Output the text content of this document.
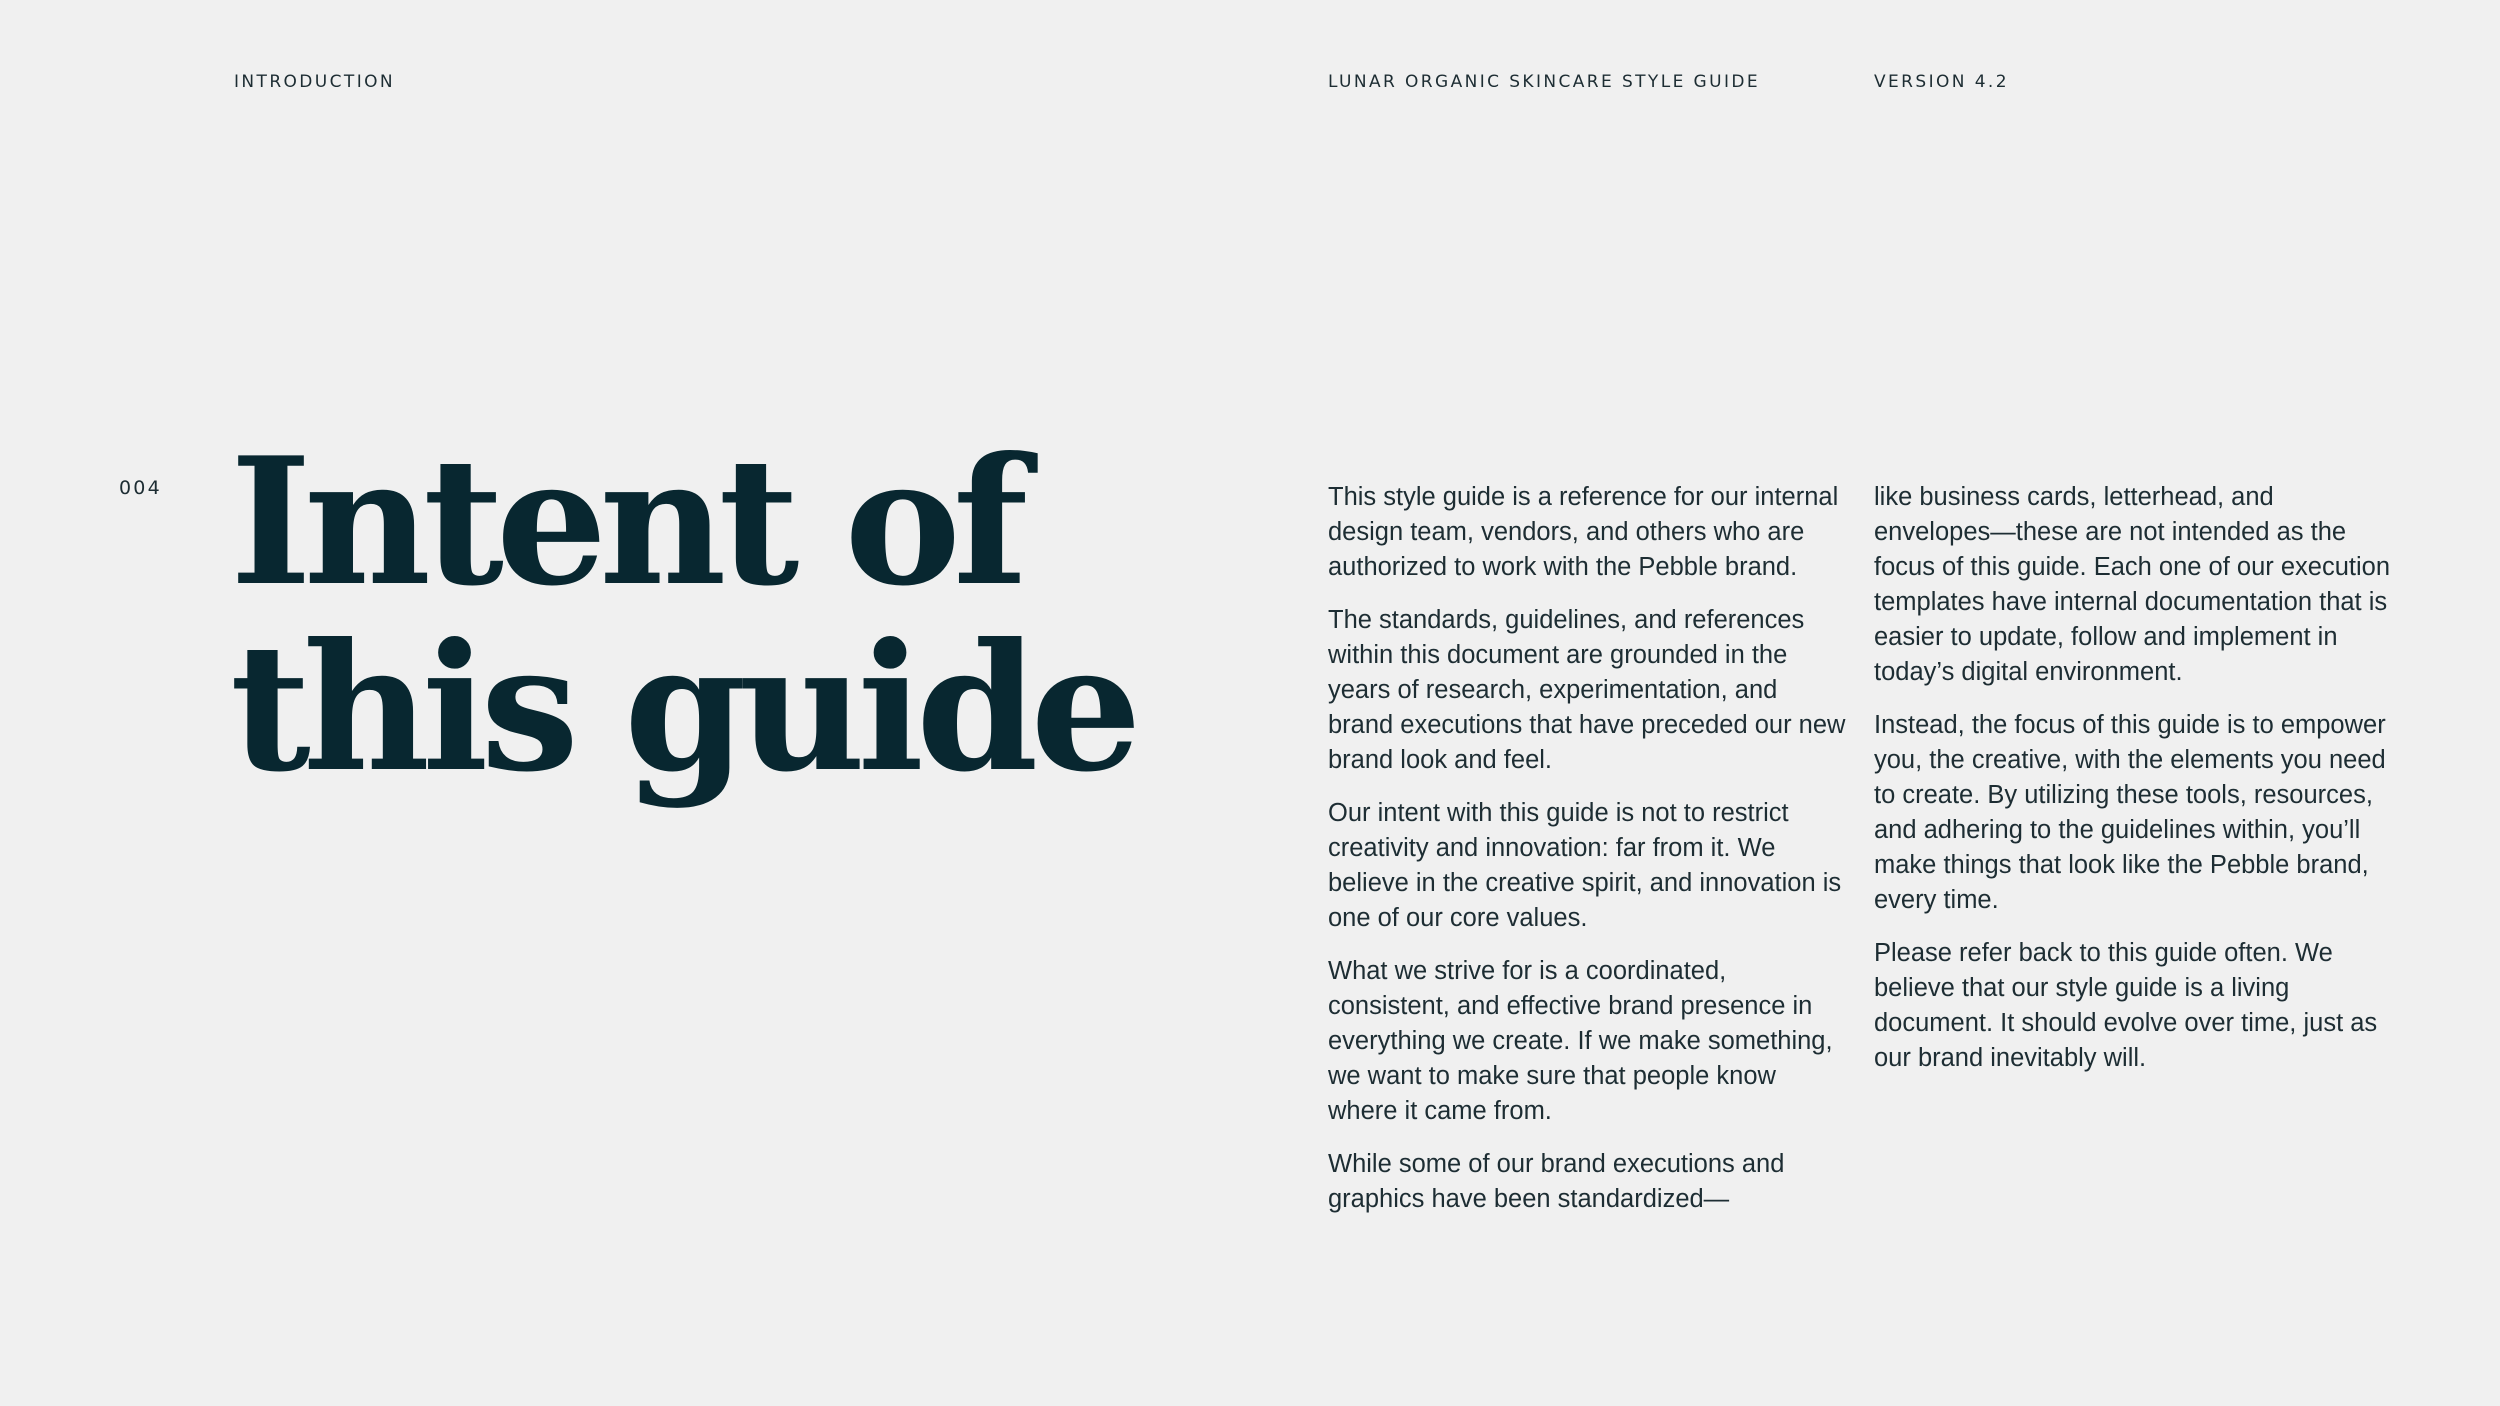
INTRODUCTION	LUNAR ORGANIC SKINCARE STYLE GUIDE	VERSION 4.2
004 Intent of
this guide

This style guide is a reference for our internal design team, vendors, and others who are authorized to work with the Pebble brand.

The standards, guidelines, and references within this document are grounded in the years of research, experimentation, and brand executions that have preceded our new brand look and feel.

Our intent with this guide is not to restrict creativity and innovation: far from it. We believe in the creative spirit, and innovation is one of our core values.

What we strive for is a coordinated, consistent, and effective brand presence in everything we create. If we make something, we want to make sure that people know where it came from.

While some of our brand executions and graphics have been standardized—

like business cards, letterhead, and envelopes—these are not intended as the focus of this guide. Each one of our execution templates have internal documentation that is easier to update, follow and implement in today’s digital environment.

Instead, the focus of this guide is to empower you, the creative, with the elements you need to create. By utilizing these tools, resources, and adhering to the guidelines within, you’ll make things that look like the Pebble brand, every time.

Please refer back to this guide often. We believe that our style guide is a living document. It should evolve over time, just as our brand inevitably will.
